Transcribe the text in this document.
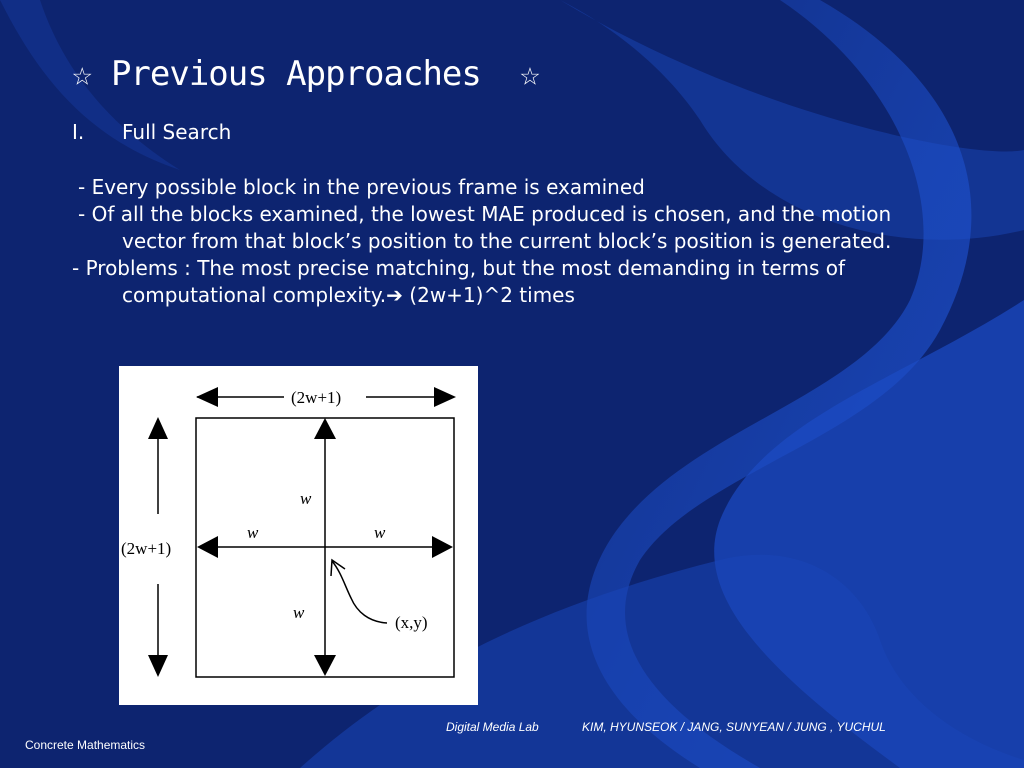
☆ Previous Approaches  ☆
I. Full Search
- Every possible block in the previous frame is examined
- Of all the blocks examined, the lowest MAE produced is chosen, and the motion vector from that block’s position to the current block’s position is generated.
- Problems : The most precise matching, but the most demanding in terms of computational complexity.➔ (2w+1)^2 times
(2w+1)
(2w+1)
w
w	w
w
(x,y)
Digital Media Lab	KIM, HYUNSEOK / JANG, SUNYEAN / JUNG , YUCHUL
Concrete Mathematics
